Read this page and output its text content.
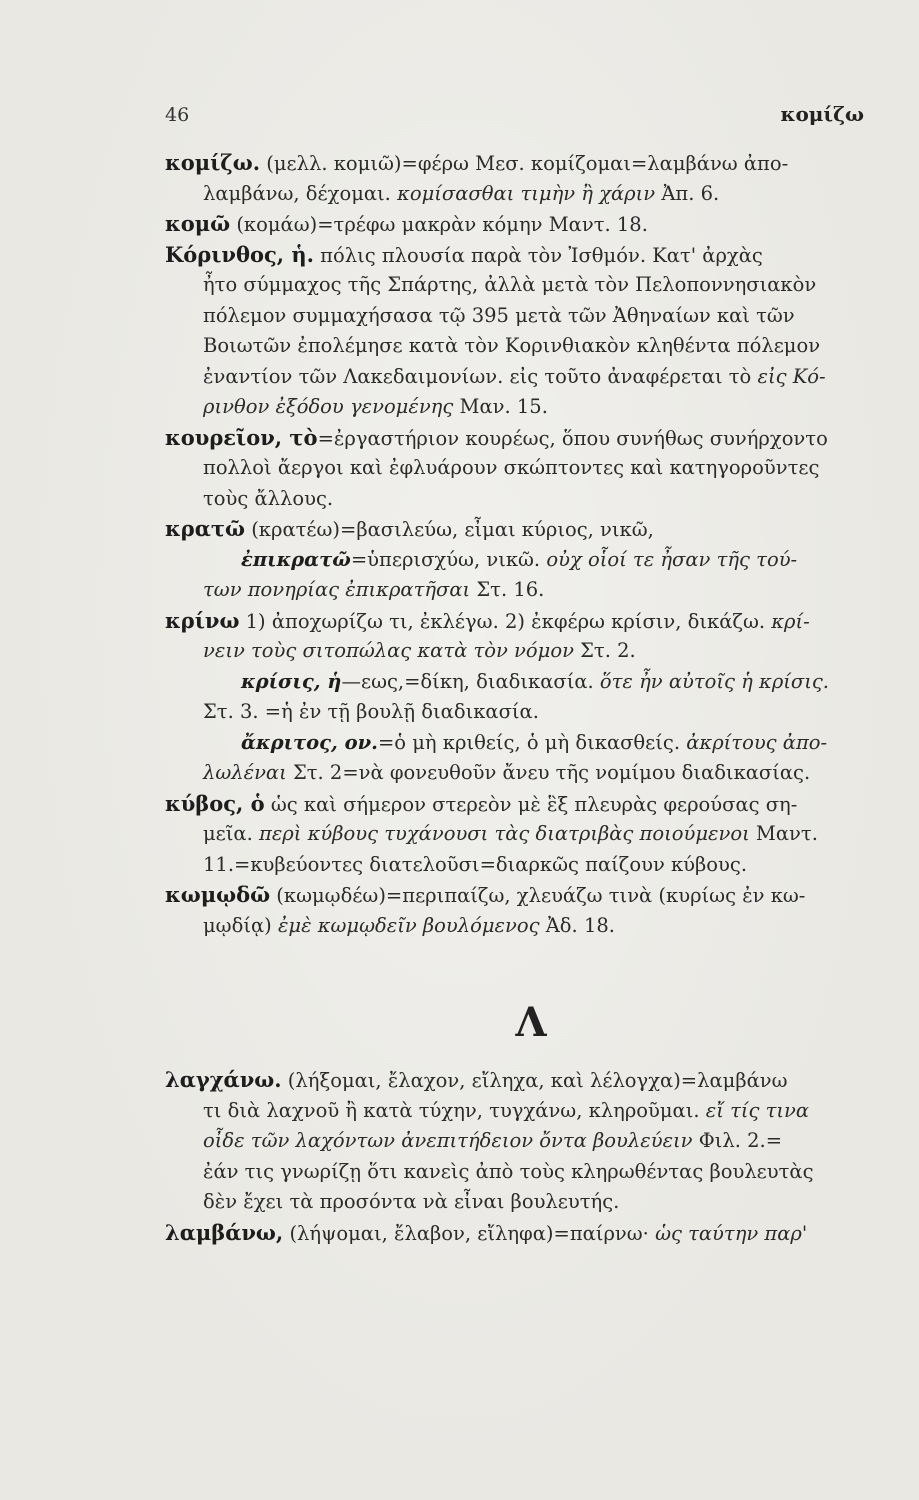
46	κομίζω
κομίζω. (μελλ. κομιῶ)=φέρω Μεσ. κομίζομαι=λαμβάνω ἀπο-
λαμβάνω, δέχομαι. κομίσασθαι τιμὴν ἢ χάριν Ἀπ. 6.
κομῶ (κομάω)=τρέφω μακρὰν κόμην Μαντ. 18.
Κόρινθος, ἡ. πόλις πλουσία παρὰ τὸν Ἰσθμόν. Κατ' ἀρχὰς
ἦτο σύμμαχος τῆς Σπάρτης, ἀλλὰ μετὰ τὸν Πελοποννησιακὸν
πόλεμον συμμαχήσασα τῷ 395 μετὰ τῶν Ἀθηναίων καὶ τῶν
Βοιωτῶν ἐπολέμησε κατὰ τὸν Κορινθιακὸν κληθέντα πόλεμον
ἐναντίον τῶν Λακεδαιμονίων. εἰς τοῦτο ἀναφέρεται τὸ εἰς Κό-
ρινθον ἐξόδου γενομένης Μαν. 15.
κουρεῖον, τὸ=ἐργαστήριον κουρέως, ὅπου συνήθως συνήρχοντο
πολλοὶ ἄεργοι καὶ ἐφλυάρουν σκώπτοντες καὶ κατηγοροῦντες
τοὺς ἄλλους.
κρατῶ (κρατέω)=βασιλεύω, εἶμαι κύριος, νικῶ,
ἐπικρατῶ=ὑπερισχύω, νικῶ. οὐχ οἷοί τε ἦσαν τῆς τού-
των πονηρίας ἐπικρατῆσαι Στ. 16.
κρίνω 1) ἀποχωρίζω τι, ἐκλέγω. 2) ἐκφέρω κρίσιν, δικάζω. κρί-
νειν τοὺς σιτοπώλας κατὰ τὸν νόμον Στ. 2.
κρίσις, ἡ—εως,=δίκη, διαδικασία. ὅτε ἦν αὐτοῖς ἡ κρίσις.
Στ. 3. =ἡ ἐν τῇ βουλῇ διαδικασία.
ἄκριτος, ον.=ὁ μὴ κριθείς, ὁ μὴ δικασθείς. ἀκρίτους ἀπο-
λωλέναι Στ. 2=νὰ φονευθοῦν ἄνευ τῆς νομίμου διαδικασίας.
κύβος, ὁ ὡς καὶ σήμερον στερεὸν μὲ ἓξ πλευρὰς φερούσας ση-
μεῖα. περὶ κύβους τυχάνουσι τὰς διατριβὰς ποιούμενοι Μαντ.
11.=κυβεύοντες διατελοῦσι=διαρκῶς παίζουν κύβους.
κωμῳδῶ (κωμῳδέω)=περιπαίζω, χλευάζω τινὰ (κυρίως ἐν κω-
μῳδίᾳ) ἐμὲ κωμῳδεῖν βουλόμενος Ἀδ. 18.
Λ
λαγχάνω. (λήξομαι, ἔλαχον, εἴληχα, καὶ λέλογχα)=λαμβάνω
τι διὰ λαχνοῦ ἢ κατὰ τύχην, τυγχάνω, κληροῦμαι. εἴ τίς τινα
οἶδε τῶν λαχόντων ἀνεπιτήδειον ὄντα βουλεύειν Φιλ. 2.=
ἐάν τις γνωρίζῃ ὅτι κανεὶς ἀπὸ τοὺς κληρωθέντας βουλευτὰς
δὲν ἔχει τὰ προσόντα νὰ εἶναι βουλευτής.
λαμβάνω, (λήψομαι, ἔλαβον, εἴληφα)=παίρνω· ὡς ταύτην παρ'
